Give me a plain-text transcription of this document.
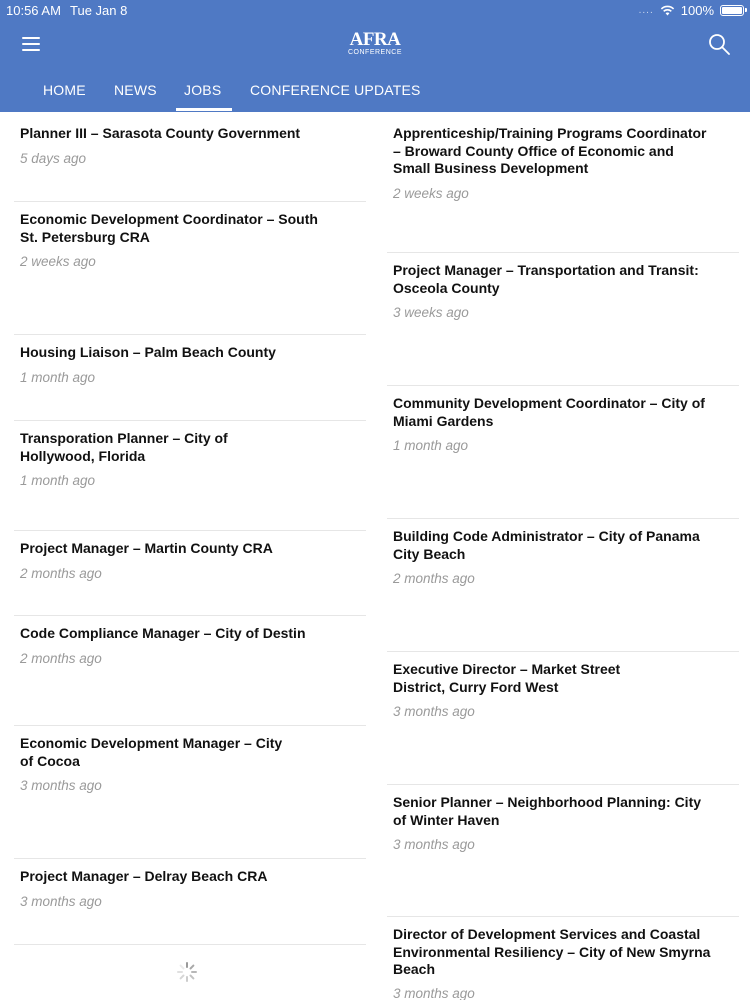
10:56 AM Tue Jan 8	.... 100%
AFRA
CONFERENCE
HOME NEWS JOBS CONFERENCE UPDATES
Planner III – Sarasota County Government
5 days ago
Economic Development Coordinator – South
St. Petersburg CRA
2 weeks ago
Housing Liaison – Palm Beach County
1 month ago
Transporation Planner – City of
Hollywood, Florida
1 month ago
Project Manager – Martin County CRA
2 months ago
Code Compliance Manager – City of Destin
2 months ago
Economic Development Manager – City
of Cocoa
3 months ago
Project Manager – Delray Beach CRA
3 months ago
Apprenticeship/Training Programs Coordinator
– Broward County Office of Economic and
Small Business Development
2 weeks ago
Project Manager – Transportation and Transit:
Osceola County
3 weeks ago
Community Development Coordinator – City of
Miami Gardens
1 month ago
Building Code Administrator – City of Panama
City Beach
2 months ago
Executive Director – Market Street
District, Curry Ford West
3 months ago
Senior Planner – Neighborhood Planning: City
of Winter Haven
3 months ago
Director of Development Services and Coastal
Environmental Resiliency – City of New Smyrna
Beach
3 months ago
